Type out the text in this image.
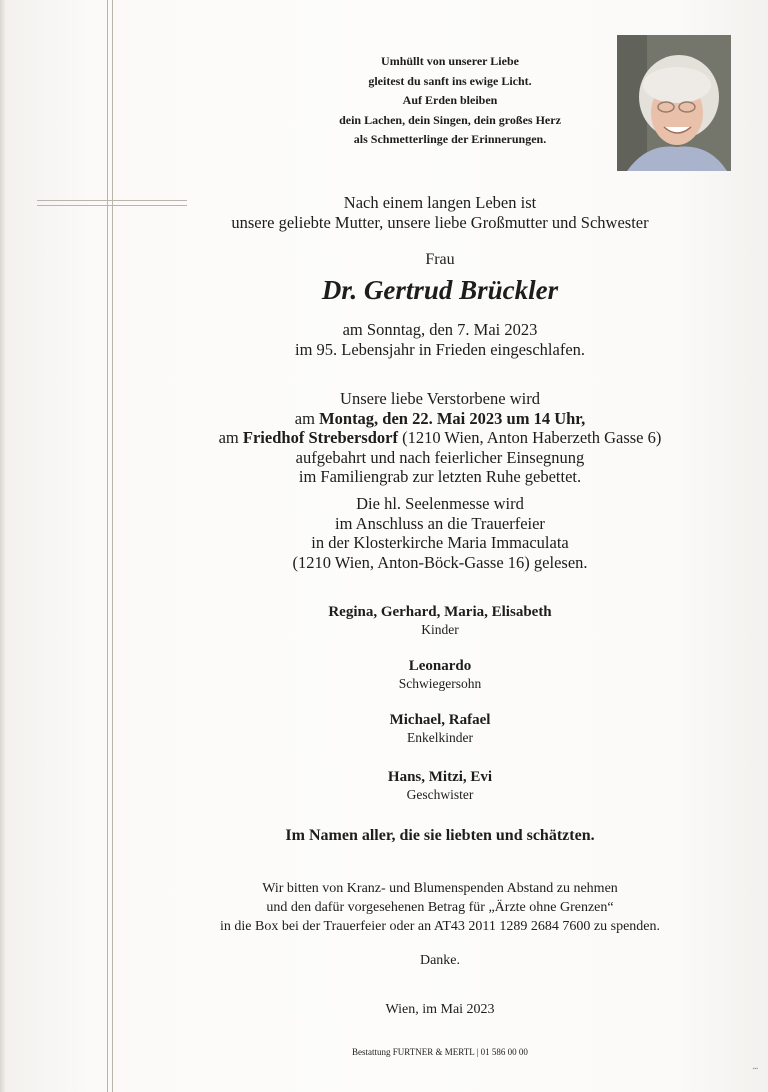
Umhüllt von unserer Liebe
gleitest du sanft ins ewige Licht.
Auf Erden bleiben
dein Lachen, dein Singen, dein großes Herz
als Schmetterlinge der Erinnerungen.
Nach einem langen Leben ist
unsere geliebte Mutter, unsere liebe Großmutter und Schwester
Frau
Dr. Gertrud Brückler
am Sonntag, den 7. Mai 2023
im 95. Lebensjahr in Frieden eingeschlafen.
Unsere liebe Verstorbene wird
am Montag, den 22. Mai 2023 um 14 Uhr,
am Friedhof Strebersdorf (1210 Wien, Anton Haberzeth Gasse 6)
aufgebahrt und nach feierlicher Einsegnung
im Familiengrab zur letzten Ruhe gebettet.
Die hl. Seelenmesse wird
im Anschluss an die Trauerfeier
in der Klosterkirche Maria Immaculata
(1210 Wien, Anton-Böck-Gasse 16) gelesen.
Regina, Gerhard, Maria, Elisabeth
Kinder
Leonardo
Schwiegersohn
Michael, Rafael
Enkelkinder
Hans, Mitzi, Evi
Geschwister
Im Namen aller, die sie liebten und schätzten.
Wir bitten von Kranz- und Blumenspenden Abstand zu nehmen
und den dafür vorgesehenen Betrag für „Ärzte ohne Grenzen“
in die Box bei der Trauerfeier oder an AT43 2011 1289 2684 7600 zu spenden.
Danke.
Wien, im Mai 2023
Bestattung FURTNER & MERTL | 01 586 00 00
▪▪▪
